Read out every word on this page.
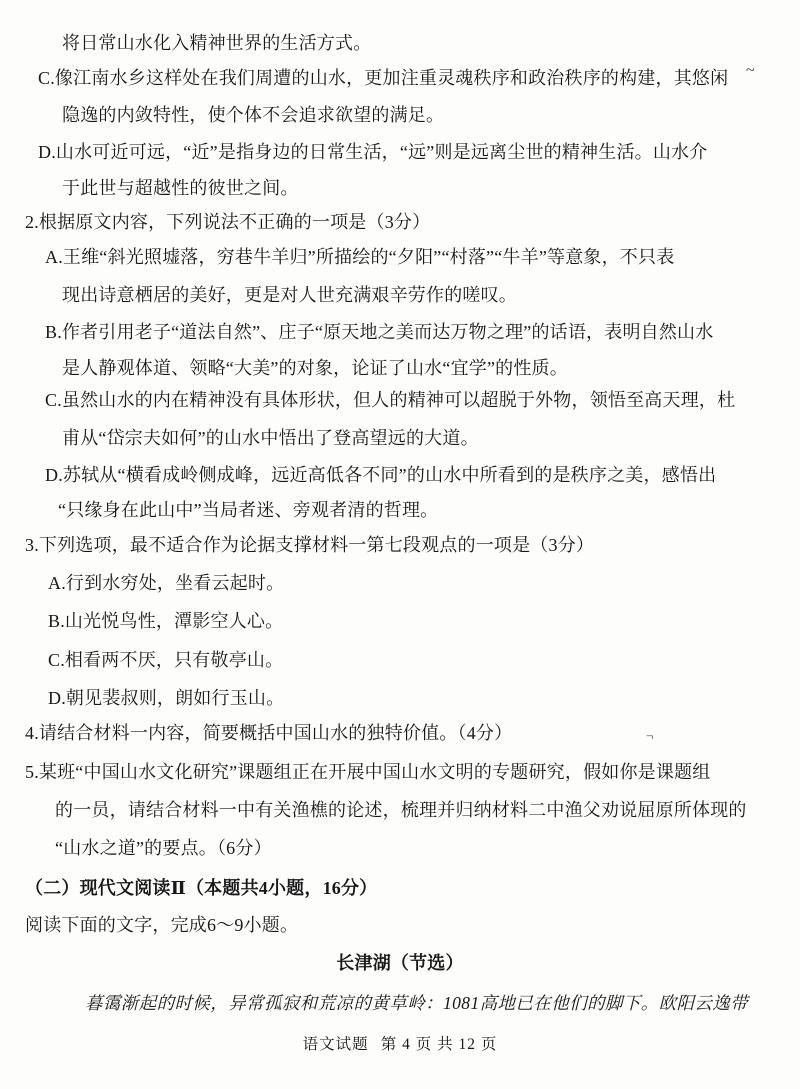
将日常山水化入精神世界的生活方式。
C.像江南水乡这样处在我们周遭的山水，更加注重灵魂秩序和政治秩序的构建，其悠闲
隐逸的内敛特性，使个体不会追求欲望的满足。
D.山水可近可远，“近”是指身边的日常生活，“远”则是远离尘世的精神生活。山水介
于此世与超越性的彼世之间。
2.根据原文内容，下列说法不正确的一项是（3分）
A.王维“斜光照墟落，穷巷牛羊归”所描绘的“夕阳”“村落”“牛羊”等意象，不只表
现出诗意栖居的美好，更是对人世充满艰辛劳作的嗟叹。
B.作者引用老子“道法自然”、庄子“原天地之美而达万物之理”的话语，表明自然山水
是人静观体道、领略“大美”的对象，论证了山水“宜学”的性质。
C.虽然山水的内在精神没有具体形状，但人的精神可以超脱于外物，领悟至高天理，杜
甫从“岱宗夫如何”的山水中悟出了登高望远的大道。
D.苏轼从“横看成岭侧成峰，远近高低各不同”的山水中所看到的是秩序之美，感悟出
“只缘身在此山中”当局者迷、旁观者清的哲理。
3.下列选项，最不适合作为论据支撑材料一第七段观点的一项是（3分）
A.行到水穷处，坐看云起时。
B.山光悦鸟性，潭影空人心。
C.相看两不厌，只有敬亭山。
D.朝见裴叔则，朗如行玉山。
4.请结合材料一内容，简要概括中国山水的独特价值。（4分）
5.某班“中国山水文化研究”课题组正在开展中国山水文明的专题研究，假如你是课题组
的一员，请结合材料一中有关渔樵的论述，梳理并归纳材料二中渔父劝说屈原所体现的
“山水之道”的要点。（6分）
（二）现代文阅读Ⅱ（本题共4小题，16分）
阅读下面的文字，完成6～9小题。
长津湖（节选）
暮霭渐起的时候，异常孤寂和荒凉的黄草岭：1081高地已在他们的脚下。欧阳云逸带
语文试题 第 4 页 共 12 页
~
¬
